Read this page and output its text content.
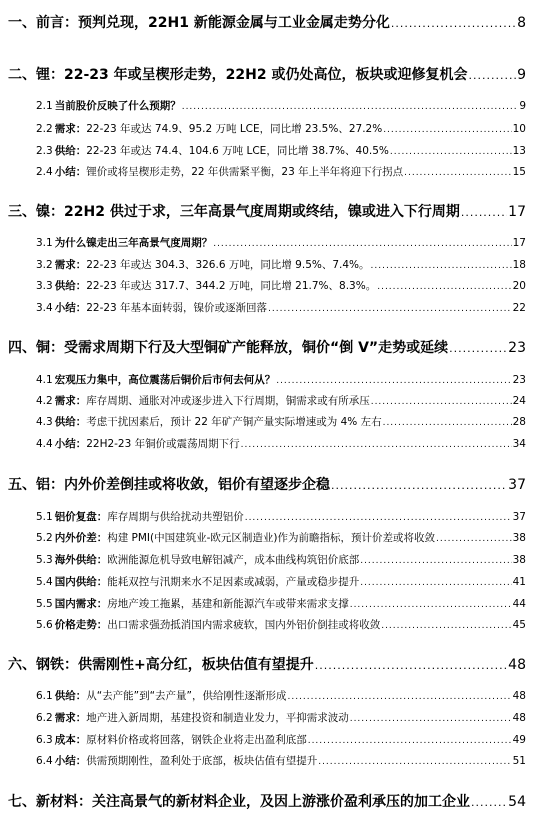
一、前言：预判兑现，22H1 新能源金属与工业金属走势分化 .....	8
二、锂：22-23 年或呈楔形走势，22H2 或仍处高位，板块或迎修复机会 .....	9
2.1 当前股价反映了什么预期？ .....	9
2.2 需求：22-23 年或达 74.9、95.2 万吨 LCE，同比增 23.5%、27.2% .....	10
2.3 供给：22-23 年或达 74.4、104.6 万吨 LCE，同比增 38.7%、40.5% .....	13
2.4 小结：锂价或将呈楔形走势，22 年供需紧平衡，23 年上半年将迎下行拐点 .....	15
三、镍：22H2 供过于求，三年高景气度周期或终结，镍或进入下行周期 .....	17
3.1 为什么镍走出三年高景气度周期？ .....	17
3.2 需求：22-23 年或达 304.3、326.6 万吨，同比增 9.5%、7.4%。 .....	18
3.3 供给：22-23 年或达 317.7、344.2 万吨，同比增 21.7%、8.3%。 .....	20
3.4 小结：22-23 年基本面转弱，镍价或逐渐回落 .....	22
四、铜：受需求周期下行及大型铜矿产能释放，铜价“倒 V”走势或延续 .....	23
4.1 宏观压力集中，高位震荡后铜价后市何去何从？ .....	23
4.2 需求：库存周期、通胀对冲或逐步进入下行周期，铜需求或有所承压 .....	24
4.3 供给：考虑干扰因素后，预计 22 年矿产铜产量实际增速或为 4% 左右 .....	28
4.4 小结：22H2-23 年铜价或震荡周期下行 .....	34
五、铝：内外价差倒挂或将收敛，铝价有望逐步企稳 .....	37
5.1 铝价复盘：库存周期与供给扰动共塑铝价 .....	37
5.2 内外价差：构建 PMI(中国建筑业-欧元区制造业)作为前瞻指标，预计价差或将收敛 .....	38
5.3 海外供给：欧洲能源危机导致电解铝减产，成本曲线构筑铝价底部 .....	38
5.4 国内供给：能耗双控与汛期来水不足因素或减弱，产量或稳步提升 .....	41
5.5 国内需求：房地产竣工拖累，基建和新能源汽车或带来需求支撑 .....	44
5.6 价格走势：出口需求强劲抵消国内需求疲软，国内外铝价倒挂或将收敛 .....	45
六、钢铁：供需刚性+高分红，板块估值有望提升 .....	48
6.1 供给：从“去产能”到“去产量”，供给刚性逐渐形成 .....	48
6.2 需求：地产进入新周期，基建投资和制造业发力，平抑需求波动 .....	48
6.3 成本：原材料价格或将回落，钢铁企业将走出盈利底部 .....	49
6.4 小结：供需预期刚性，盈利处于底部，板块估值有望提升 .....	51
七、新材料：关注高景气的新材料企业，及因上游涨价盈利承压的加工企业 .....	54
